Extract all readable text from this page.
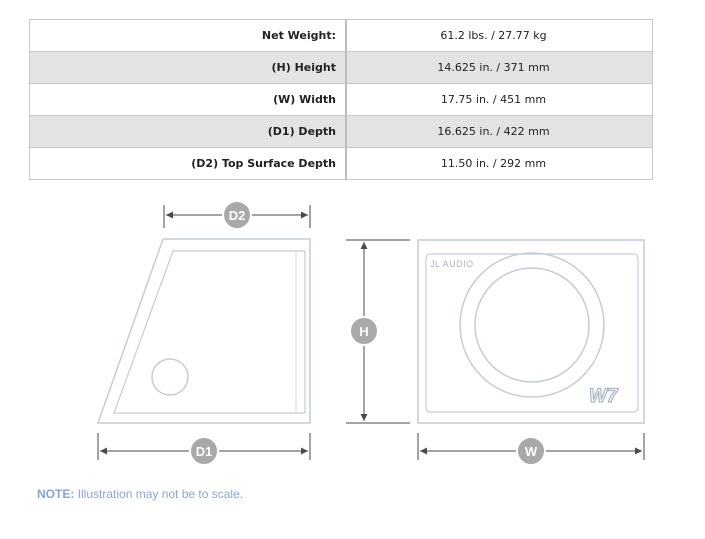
Net Weight:	61.2 lbs. / 27.77 kg
(H) Height	14.625 in. / 371 mm
(W) Width	17.75 in. / 451 mm
(D1) Depth	16.625 in. / 422 mm
(D2) Top Surface Depth	11.50 in. / 292 mm
JL AUDIO
W7
D2
H
D1	W
NOTE: Illustration may not be to scale.
